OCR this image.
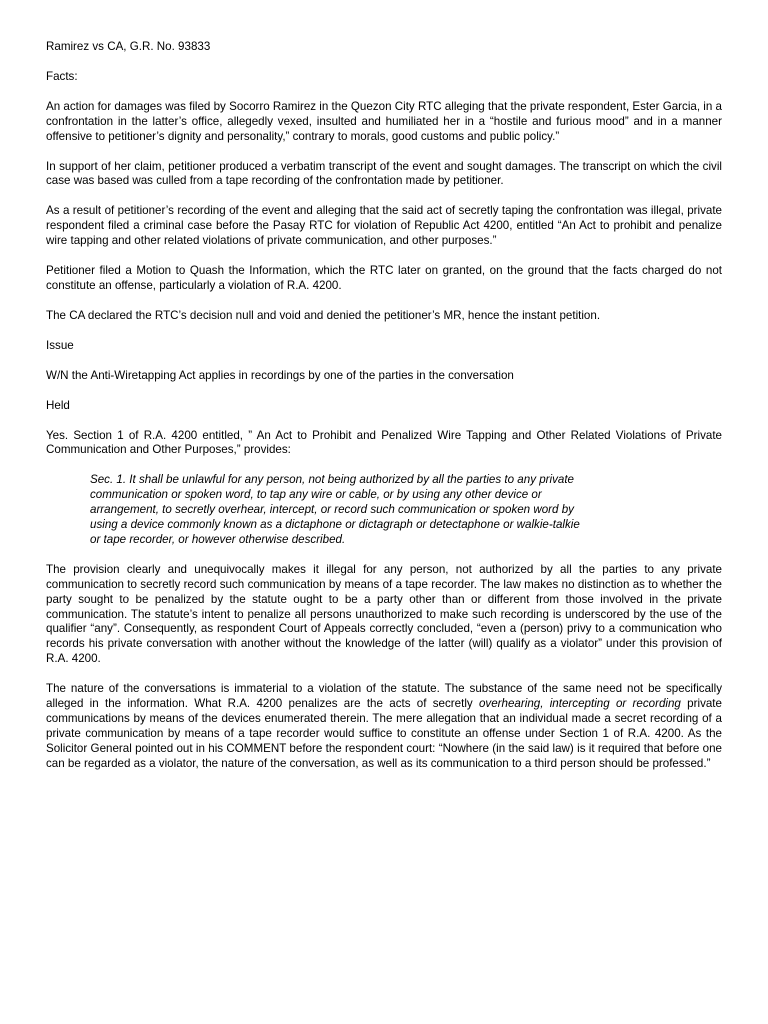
Ramirez vs CA, G.R. No. 93833

Facts:

An action for damages was filed by Socorro Ramirez in the Quezon City RTC alleging that the private respondent, Ester Garcia, in a confrontation in the latter’s office, allegedly vexed, insulted and humiliated her in a “hostile and furious mood” and in a manner offensive to petitioner’s dignity and personality,” contrary to morals, good customs and public policy.”

In support of her claim, petitioner produced a verbatim transcript of the event and sought damages. The transcript on which the civil case was based was culled from a tape recording of the confrontation made by petitioner.

As a result of petitioner’s recording of the event and alleging that the said act of secretly taping the confrontation was illegal, private respondent filed a criminal case before the Pasay RTC for violation of Republic Act 4200, entitled “An Act to prohibit and penalize wire tapping and other related violations of private communication, and other purposes.”

Petitioner filed a Motion to Quash the Information, which the RTC later on granted, on the ground that the facts charged do not constitute an offense, particularly a violation of R.A. 4200.

The CA declared the RTC’s decision null and void and denied the petitioner’s MR, hence the instant petition.

Issue

W/N the Anti-Wiretapping Act applies in recordings by one of the parties in the conversation

Held

Yes. Section 1 of R.A. 4200 entitled, ” An Act to Prohibit and Penalized Wire Tapping and Other Related Violations of Private Communication and Other Purposes,” provides:

Sec. 1. It shall be unlawful for any person, not being authorized by all the parties to any private
communication or spoken word, to tap any wire or cable, or by using any other device or
arrangement, to secretly overhear, intercept, or record such communication or spoken word by
using a device commonly known as a dictaphone or dictagraph or detectaphone or walkie-talkie
or tape recorder, or however otherwise described.

The provision clearly and unequivocally makes it illegal for any person, not authorized by all the parties to any private communication to secretly record such communication by means of a tape recorder. The law makes no distinction as to whether the party sought to be penalized by the statute ought to be a party other than or different from those involved in the private communication. The statute’s intent to penalize all persons unauthorized to make such recording is underscored by the use of the qualifier “any”. Consequently, as respondent Court of Appeals correctly concluded, “even a (person) privy to a communication who records his private conversation with another without the knowledge of the latter (will) qualify as a violator” under this provision of R.A. 4200.

The nature of the conversations is immaterial to a violation of the statute. The substance of the same need not be specifically alleged in the information. What R.A. 4200 penalizes are the acts of secretly overhearing, intercepting or recording private communications by means of the devices enumerated therein. The mere allegation that an individual made a secret recording of a private communication by means of a tape recorder would suffice to constitute an offense under Section 1 of R.A. 4200. As the Solicitor General pointed out in his COMMENT before the respondent court: “Nowhere (in the said law) is it required that before one can be regarded as a violator, the nature of the conversation, as well as its communication to a third person should be professed.”
